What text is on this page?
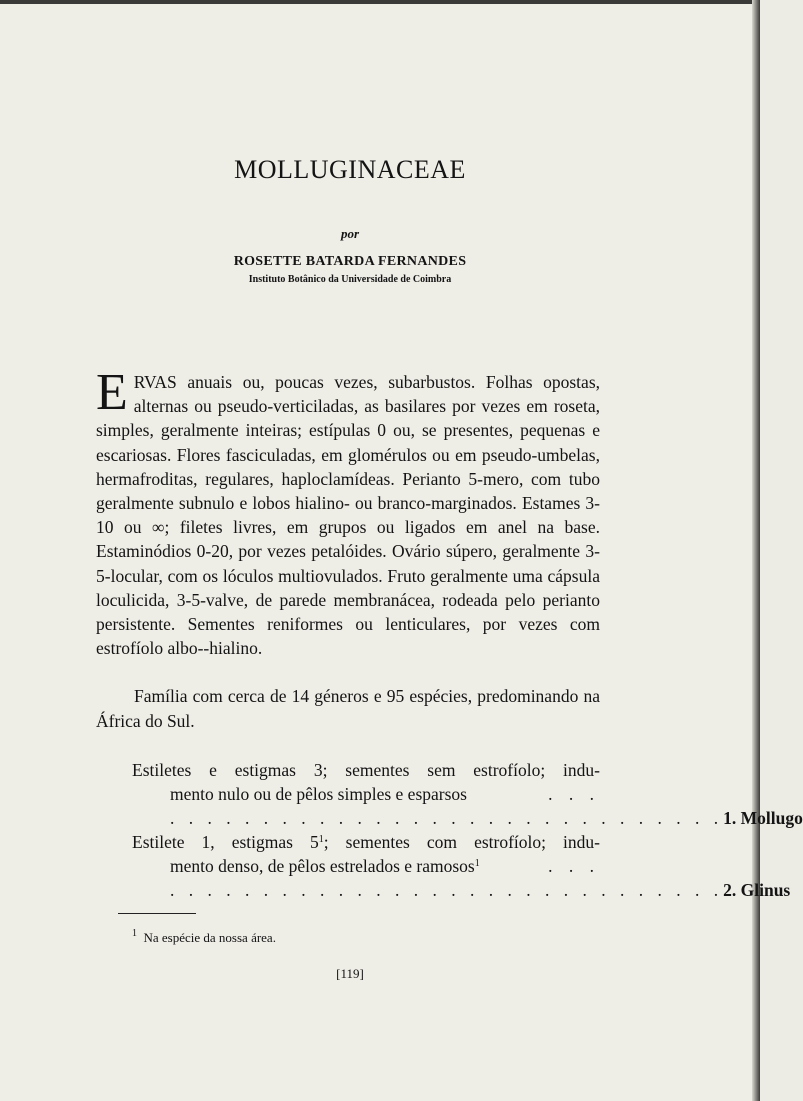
MOLLUGINACEAE
por
ROSETTE BATARDA FERNANDES
Instituto Botânico da Universidade de Coimbra

ERVAS anuais ou, poucas vezes, subarbustos. Folhas opostas, alternas ou pseudo-verticiladas, as basilares por vezes em roseta, simples, geralmente inteiras; estípulas 0 ou, se presentes, pequenas e escariosas. Flores fasciculadas, em glomérulos ou em pseudo-umbelas, hermafroditas, regulares, haploclamídeas. Perianto 5-mero, com tubo geralmente subnulo e lobos hialino- ou branco-marginados. Estames 3-10 ou ∞; filetes livres, em grupos ou ligados em anel na base. Estaminódios 0-20, por vezes petalóides. Ovário súpero, geralmente 3-5-locular, com os lóculos multiovulados. Fruto geralmente uma cápsula loculicida, 3-5-valve, de parede membranácea, rodeada pelo perianto persistente. Sementes reniformes ou lenticulares, por vezes com estrofíolo albo--hialino.

Família com cerca de 14 géneros e 95 espécies, predominando na África do Sul.

Estiletes e estigmas 3; sementes sem estrofíolo; indu-
mento nulo ou de pêlos simples e esparsos	. . .
. . . . . . . . . . . . . . . . . . . . . . . . . . . . . . 1. Mollugo
Estilete 1, estigmas $5^1$; sementes com estrofíolo; indu-
mento denso, de pêlos estrelados e ramosos$^1$	. . .
. . . . . . . . . . . . . . . . . . . . . . . . . . . . . . 2. Glinus
$^1$ Na espécie da nossa área.
[119]
